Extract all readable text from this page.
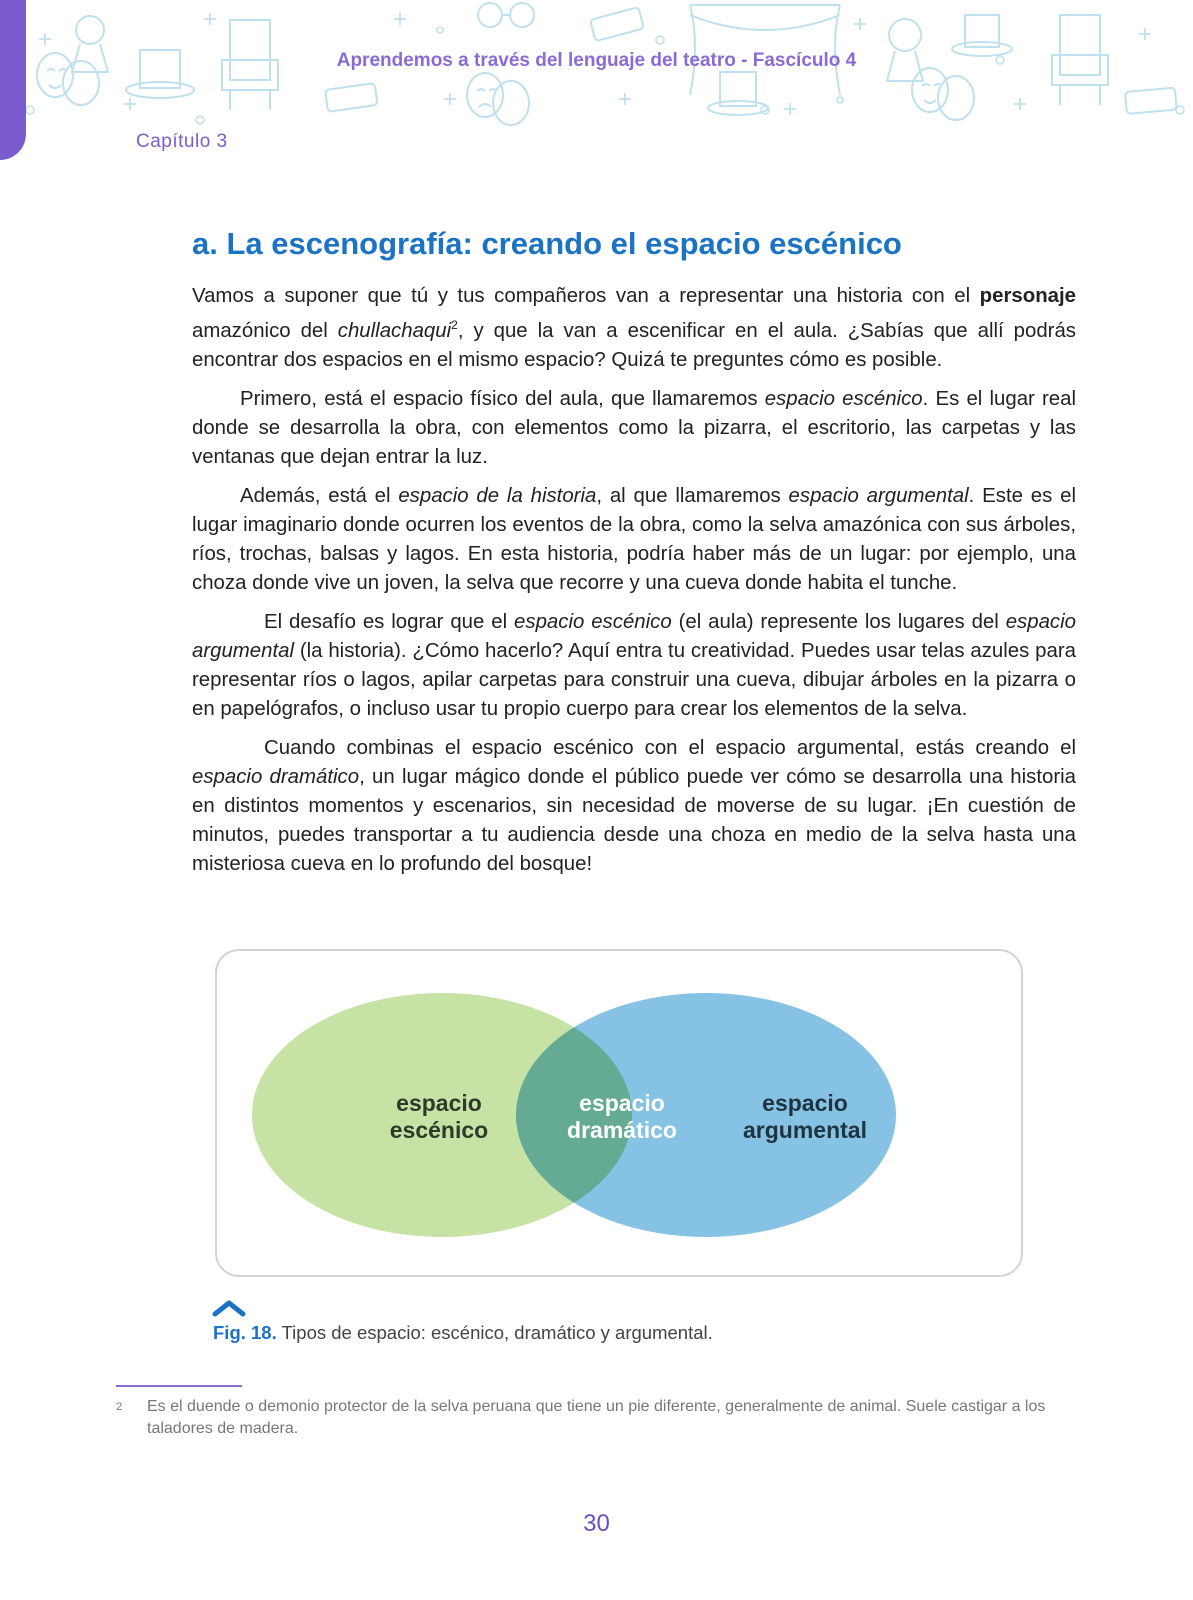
Aprendemos a través del lenguaje del teatro - Fascículo 4
Capítulo 3
a. La escenografía: creando el espacio escénico

Vamos a suponer que tú y tus compañeros van a representar una historia con el personaje amazónico del chullachaqui$^2$, y que la van a escenificar en el aula. ¿Sabías que allí podrás encontrar dos espacios en el mismo espacio? Quizá te preguntes cómo es posible.

Primero, está el espacio físico del aula, que llamaremos espacio escénico. Es el lugar real donde se desarrolla la obra, con elementos como la pizarra, el escritorio, las carpetas y las ventanas que dejan entrar la luz.

Además, está el espacio de la historia, al que llamaremos espacio argumental. Este es el lugar imaginario donde ocurren los eventos de la obra, como la selva amazónica con sus árboles, ríos, trochas, balsas y lagos. En esta historia, podría haber más de un lugar: por ejemplo, una choza donde vive un joven, la selva que recorre y una cueva donde habita el tunche.

El desafío es lograr que el espacio escénico (el aula) represente los lugares del espacio argumental (la historia). ¿Cómo hacerlo? Aquí entra tu creatividad. Puedes usar telas azules para representar ríos o lagos, apilar carpetas para construir una cueva, dibujar árboles en la pizarra o en papelógrafos, o incluso usar tu propio cuerpo para crear los elementos de la selva.

Cuando combinas el espacio escénico con el espacio argumental, estás creando el espacio dramático, un lugar mágico donde el público puede ver cómo se desarrolla una historia en distintos momentos y escenarios, sin necesidad de moverse de su lugar. ¡En cuestión de minutos, puedes transportar a tu audiencia desde una choza en medio de la selva hasta una misteriosa cueva en lo profundo del bosque!

espacio
escénico
espacio
dramático
espacio
argumental
Fig. 18. Tipos de espacio: escénico, dramático y argumental.
2 Es el duende o demonio protector de la selva peruana que tiene un pie diferente, generalmente de animal. Suele castigar a los taladores de madera.
30
